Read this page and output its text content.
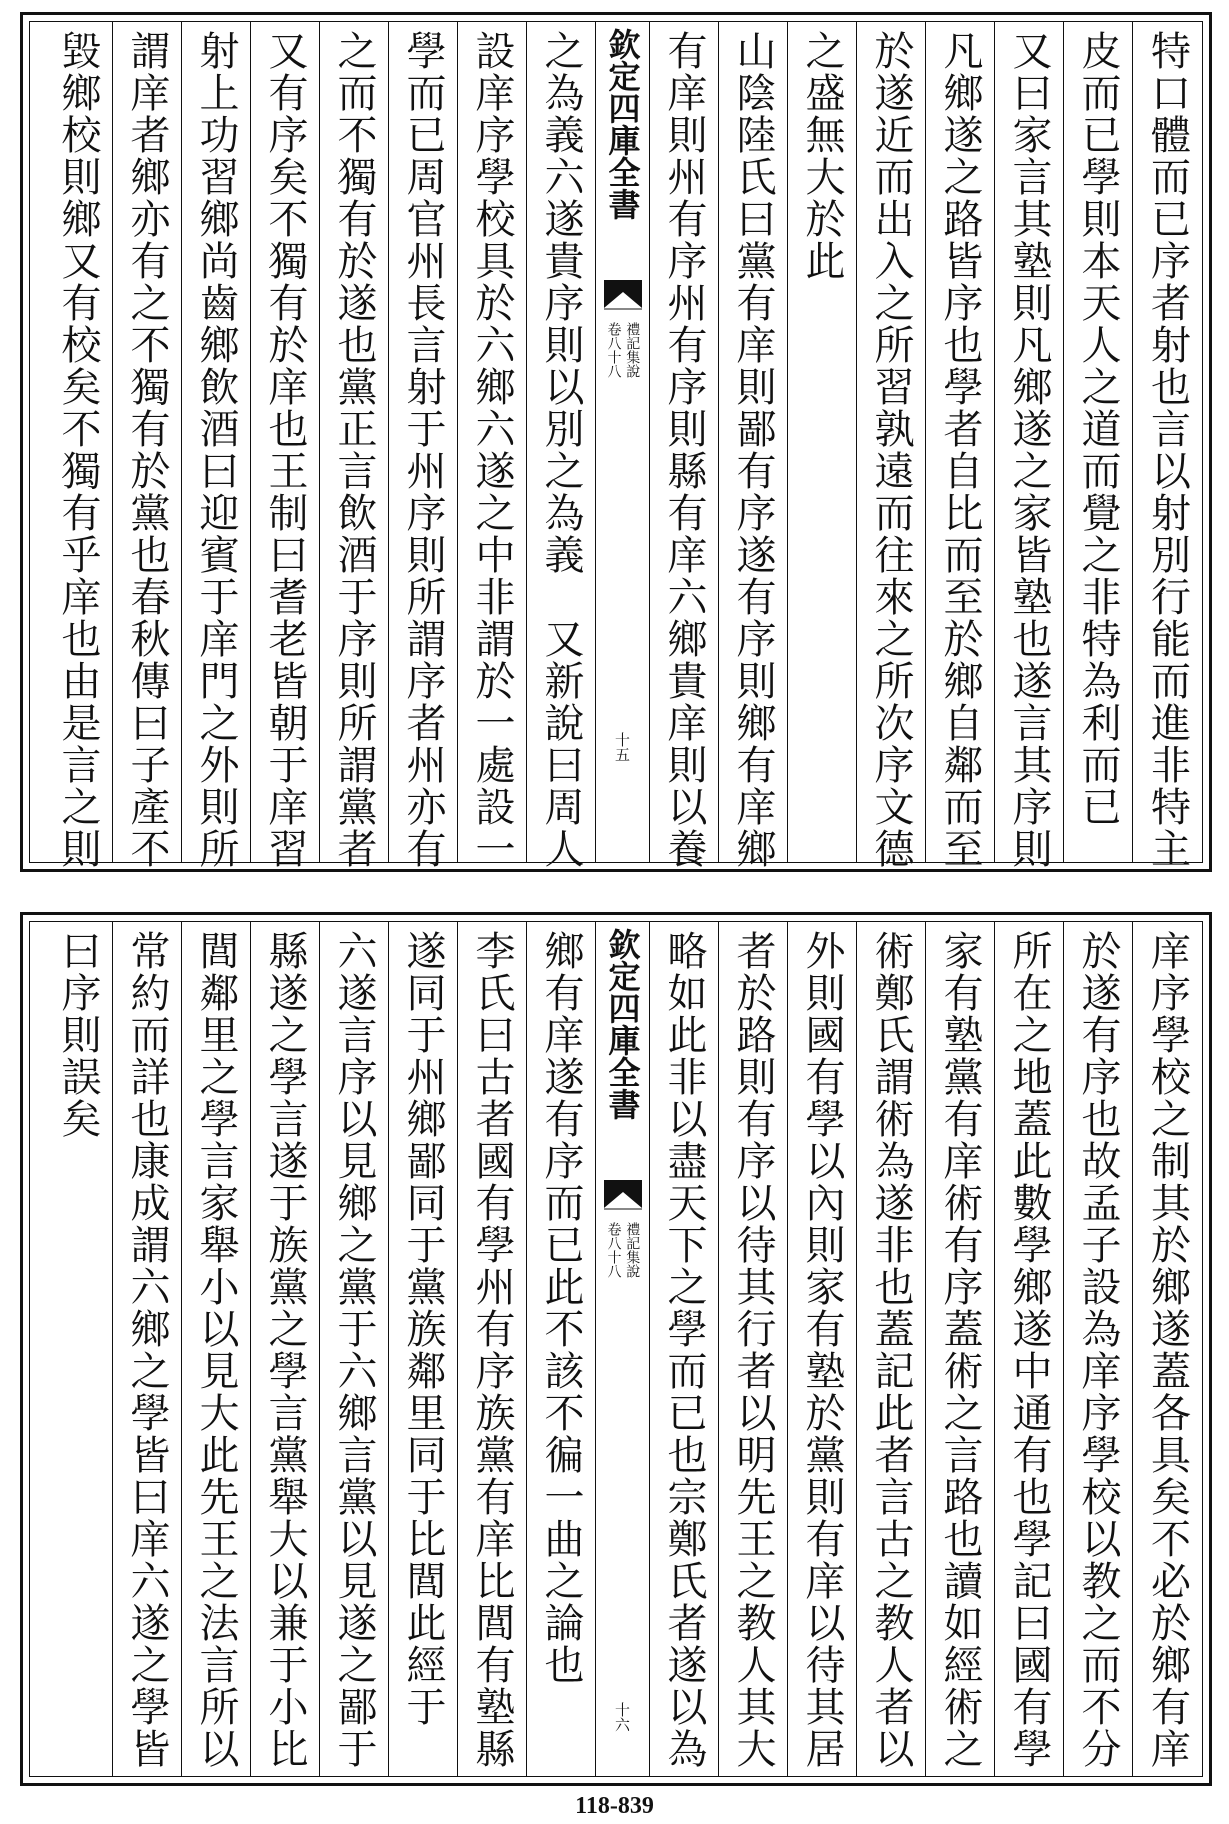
特口體而已序者射也言以射別行能而進非特主
皮而已學則本天人之道而覺之非特為利而已
又曰家言其塾則凡鄉遂之家皆塾也遂言其序則
凡鄉遂之路皆序也學者自比而至於鄉自鄰而至
於遂近而出入之所習孰遠而往來之所次序文德
之盛無大於此
山陰陸氏曰黨有庠則鄙有序遂有序則鄉有庠鄉
有庠則州有序州有序則縣有庠六鄉貴庠則以養
欽定四庫全書
禮記集說
卷八十八
十五
之為義六遂貴序則以別之為義　又新說曰周人
設庠序學校具於六鄉六遂之中非謂於一處設一
學而已周官州長言射于州序則所謂序者州亦有
之而不獨有於遂也黨正言飲酒于序則所謂黨者
又有序矣不獨有於庠也王制曰耆老皆朝于庠習
射上功習鄉尚齒鄉飲酒曰迎賓于庠門之外則所
謂庠者鄉亦有之不獨有於黨也春秋傳曰子產不
毀鄉校則鄉又有校矣不獨有乎庠也由是言之則
庠序學校之制其於鄉遂蓋各具矣不必於鄉有庠
於遂有序也故孟子設為庠序學校以教之而不分
所在之地蓋此數學鄉遂中通有也學記曰國有學
家有塾黨有庠術有序蓋術之言路也讀如經術之
術鄭氏謂術為遂非也蓋記此者言古之教人者以
外則國有學以內則家有塾於黨則有庠以待其居
者於路則有序以待其行者以明先王之教人其大
略如此非以盡天下之學而已也宗鄭氏者遂以為
欽定四庫全書
禮記集說
卷八十八
十六
鄉有庠遂有序而已此不該不徧一曲之論也
李氏曰古者國有學州有序族黨有庠比閭有塾縣
遂同于州鄉鄙同于黨族鄰里同于比閭此經于
六遂言序以見鄉之黨于六鄉言黨以見遂之鄙于
縣遂之學言遂于族黨之學言黨舉大以兼于小比
閭鄰里之學言家舉小以見大此先王之法言所以
常約而詳也康成謂六鄉之學皆曰庠六遂之學皆
曰序則誤矣
118-839
